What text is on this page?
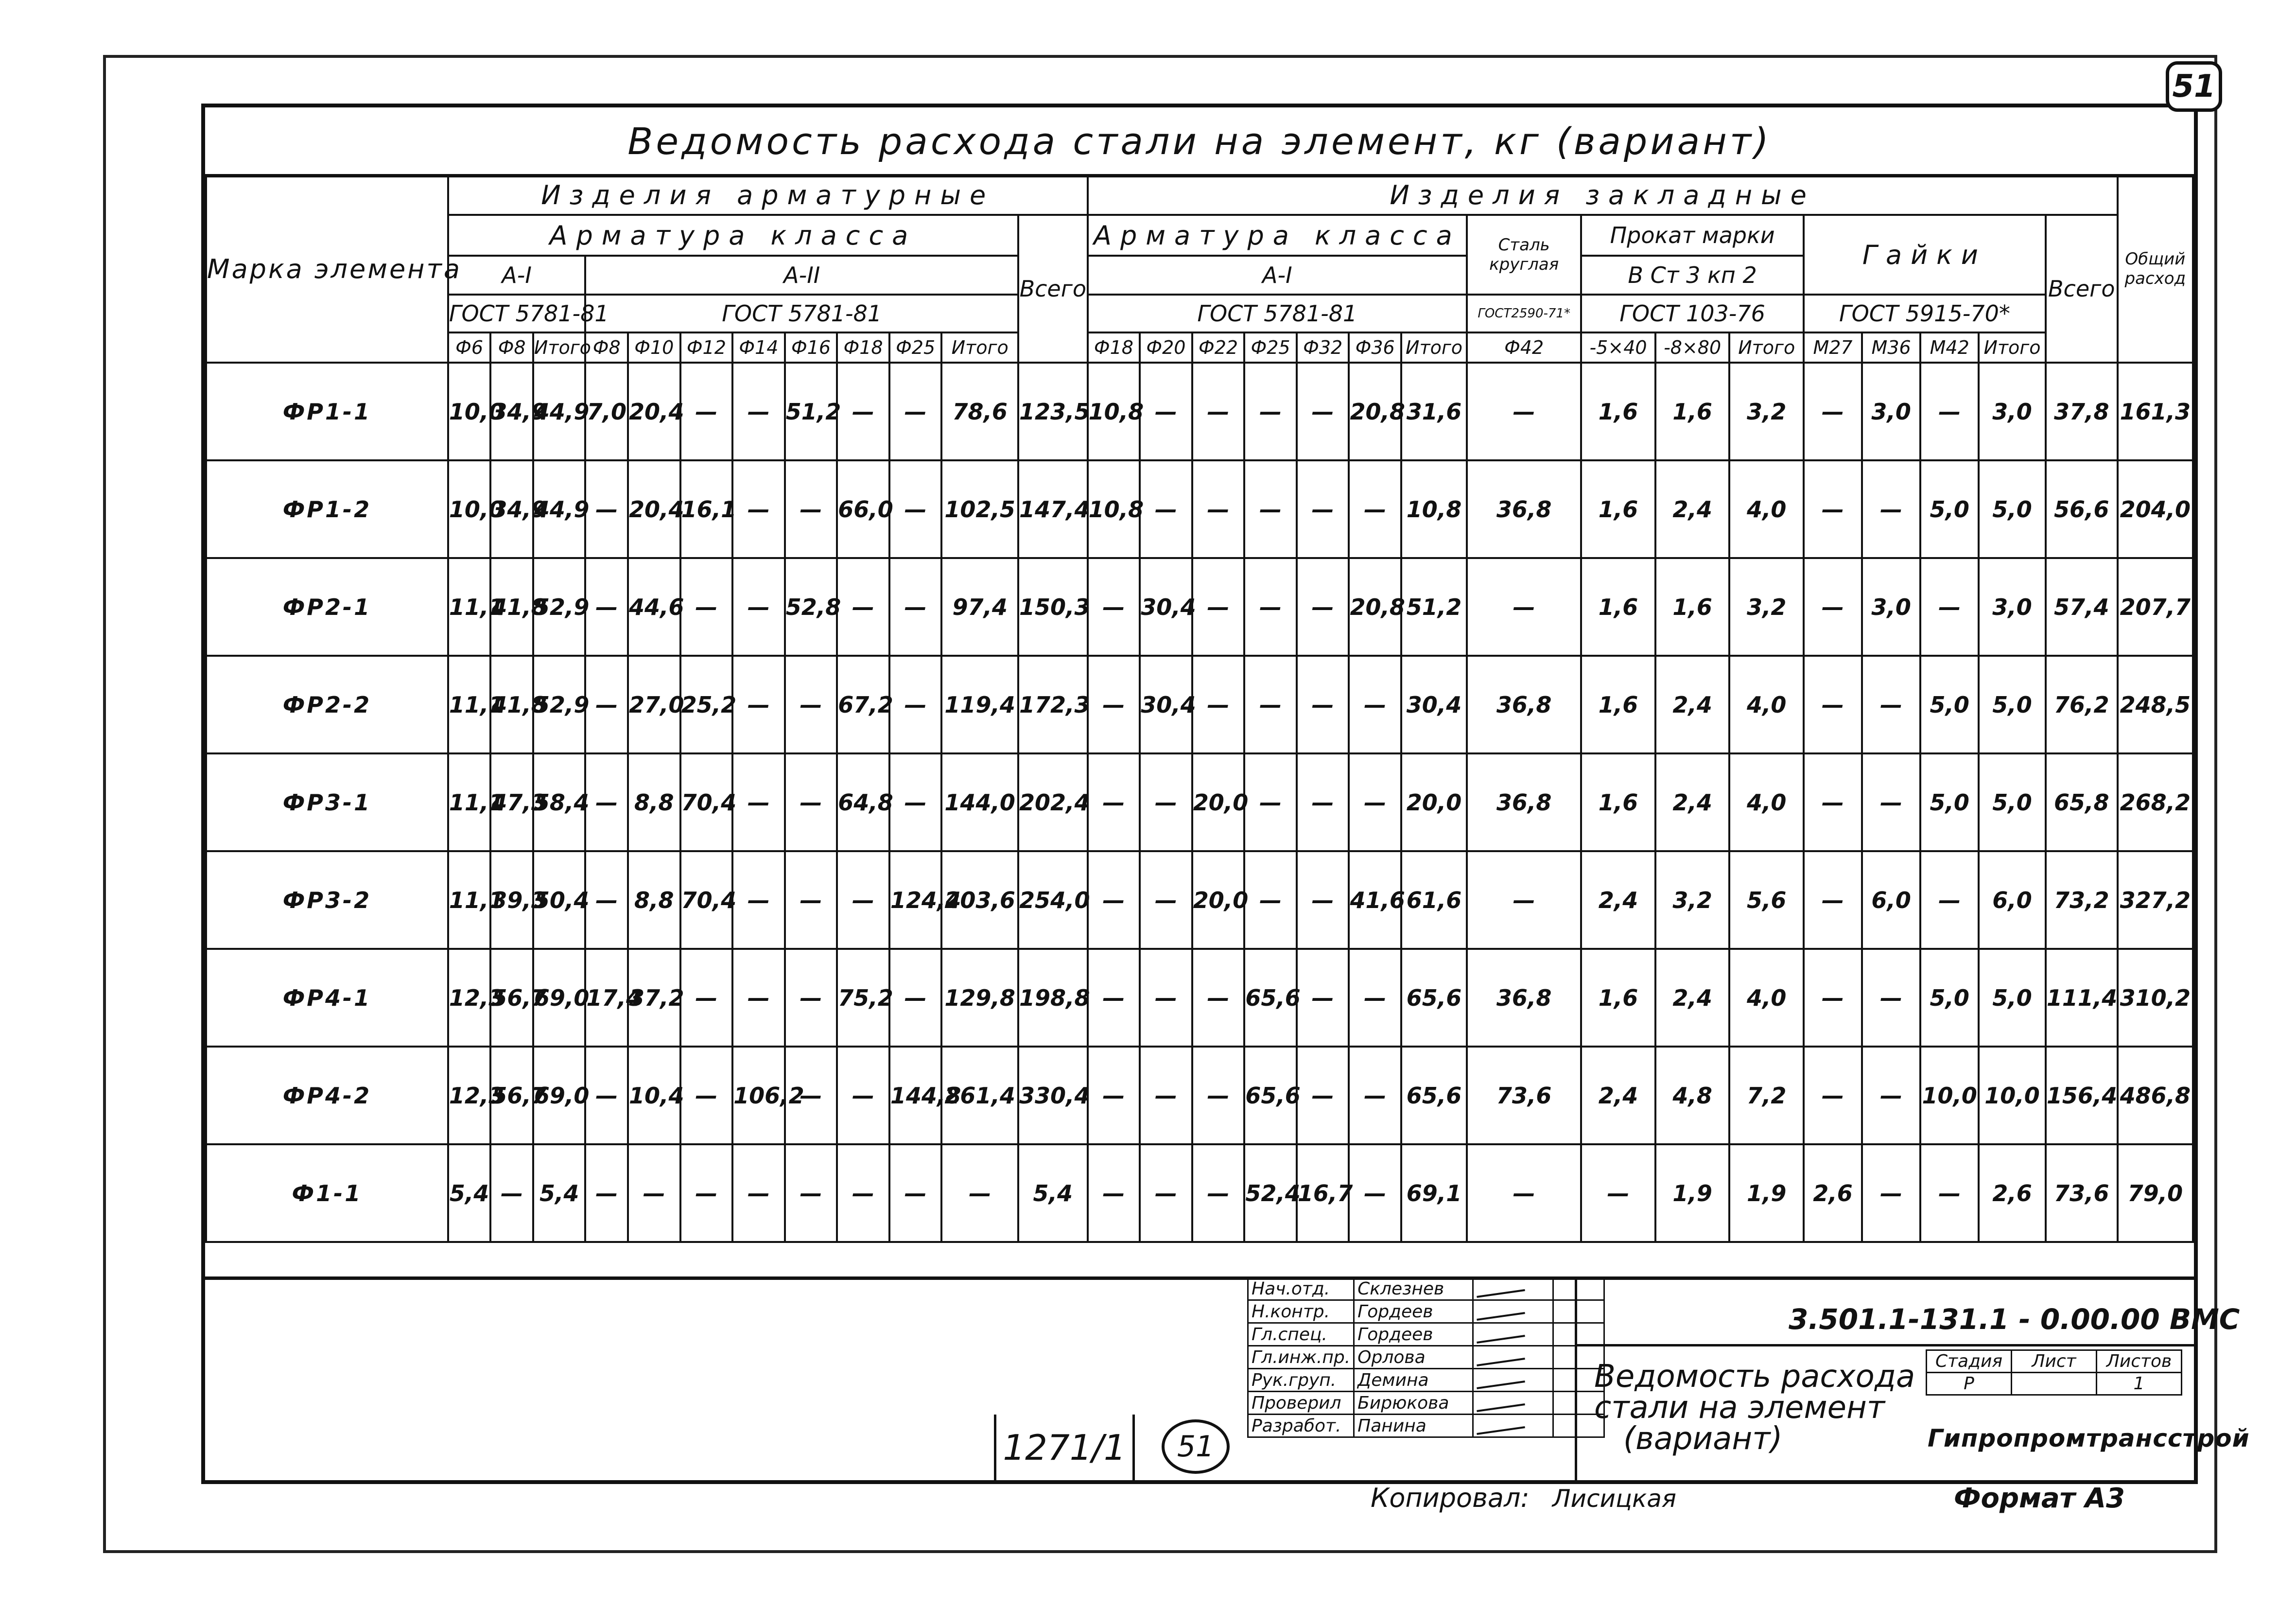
51
Ведомость расхода стали на элемент, кг (вариант)
Марка элемента	Изделия арматурные												Изделия закладные																Общий расход
	Арматура класса											Всего	Арматура класса							Сталь круглая	Прокат марки			Гайки				Всего	
	А-I			А-II									А-I								В Ст 3 кп 2								
	ГОСТ 5781-81			ГОСТ 5781-81									ГОСТ 5781-81							ГОСТ2590-71*	ГОСТ 103-76			ГОСТ 5915-70*					
	Ф6	Ф8	Итого	Ф8	Ф10	Ф12	Ф14	Ф16	Ф18	Ф25	Итого		Ф18	Ф20	Ф22	Ф25	Ф32	Ф36	Итого	Ф42	-5×40	-8×80	Итого	М27	М36	М42	Итого		
ФР1-1	10,0	34,9	44,9	7,0	20,4	—	—	51,2	—	—	78,6	123,5	10,8	—	—	—	—	20,8	31,6	—	1,6	1,6	3,2	—	3,0	—	3,0	37,8	161,3
ФР1-2	10,0	34,9	44,9	—	20,4	16,1	—	—	66,0	—	102,5	147,4	10,8	—	—	—	—	—	10,8	36,8	1,6	2,4	4,0	—	—	5,0	5,0	56,6	204,0
ФР2-1	11,1	41,8	52,9	—	44,6	—	—	52,8	—	—	97,4	150,3	—	30,4	—	—	—	20,8	51,2	—	1,6	1,6	3,2	—	3,0	—	3,0	57,4	207,7
ФР2-2	11,1	41,8	52,9	—	27,0	25,2	—	—	67,2	—	119,4	172,3	—	30,4	—	—	—	—	30,4	36,8	1,6	2,4	4,0	—	—	5,0	5,0	76,2	248,5
ФР3-1	11,1	47,3	58,4	—	8,8	70,4	—	—	64,8	—	144,0	202,4	—	—	20,0	—	—	—	20,0	36,8	1,6	2,4	4,0	—	—	5,0	5,0	65,8	268,2
ФР3-2	11,1	39,3	50,4	—	8,8	70,4	—	—	—	124,4	203,6	254,0	—	—	20,0	—	—	41,6	61,6	—	2,4	3,2	5,6	—	6,0	—	6,0	73,2	327,2
ФР4-1	12,3	56,7	69,0	17,4	37,2	—	—	—	75,2	—	129,8	198,8	—	—	—	65,6	—	—	65,6	36,8	1,6	2,4	4,0	—	—	5,0	5,0	111,4	310,2
ФР4-2	12,3	56,7	69,0	—	10,4	—	106,2	—	—	144,8	261,4	330,4	—	—	—	65,6	—	—	65,6	73,6	2,4	4,8	7,2	—	—	10,0	10,0	156,4	486,8
Ф1-1	5,4	—	5,4	—	—	—	—	—	—	—	—	5,4	—	—	—	52,4	16,7	—	69,1	—	—	1,9	1,9	2,6	—	—	2,6	73,6	79,0
1271/1	51
Нач.отд.	Склезнев		
Н.контр.	Гордеев		
Гл.спец.	Гордеев		
Гл.инж.пр.	Орлова		
Рук.груп.	Демина		
Проверил	Бирюкова		
Разработ.	Панина		
3.501.1-131.1 - 0.00.00 ВМС
Ведомость расхода
стали на элемент
(вариант)
Стадия	Лист	Листов
Р		1
Гипропромтрансстрой
Копировал: Лисицкая	Формат А3
